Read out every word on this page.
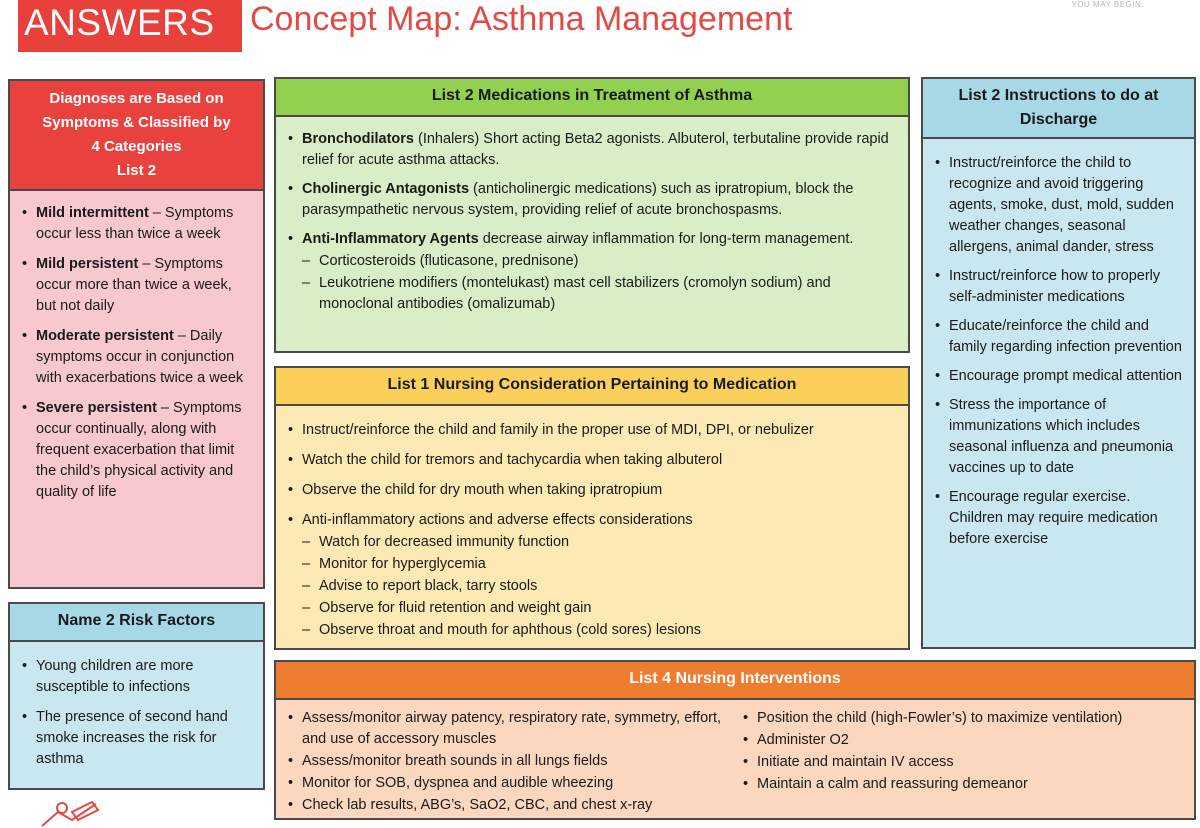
ANSWERS	Concept Map: Asthma Management	YOU MAY BEGIN.
Diagnoses are Based on
Symptoms & Classified by
4 Categories
List 2
• Mild intermittent – Symptoms occur less than twice a week
• Mild persistent – Symptoms occur more than twice a week, but not daily
• Moderate persistent – Daily symptoms occur in conjunction with exacerbations twice a week
• Severe persistent – Symptoms occur continually, along with frequent exacerbation that limit the child’s physical activity and quality of life
Name 2 Risk Factors
• Young children are more susceptible to infections
• The presence of second hand smoke increases the risk for asthma
List 2 Medications in Treatment of Asthma
• Bronchodilators (Inhalers) Short acting Beta2 agonists. Albuterol, terbutaline provide rapid relief for acute asthma attacks.
• Cholinergic Antagonists (anticholinergic medications) such as ipratropium, block the parasympathetic nervous system, providing relief of acute bronchospasms.
• Anti-Inflammatory Agents decrease airway inflammation for long-term management.
– Corticosteroids (fluticasone, prednisone)
– Leukotriene modifiers (montelukast) mast cell stabilizers (cromolyn sodium) and monoclonal antibodies (omalizumab)
List 1 Nursing Consideration Pertaining to Medication
• Instruct/reinforce the child and family in the proper use of MDI, DPI, or nebulizer
• Watch the child for tremors and tachycardia when taking albuterol
• Observe the child for dry mouth when taking ipratropium
• Anti-inflammatory actions and adverse effects considerations
– Watch for decreased immunity function
– Monitor for hyperglycemia
– Advise to report black, tarry stools
– Observe for fluid retention and weight gain
– Observe throat and mouth for aphthous (cold sores) lesions
List 2 Instructions to do at
Discharge
• Instruct/reinforce the child to recognize and avoid triggering agents, smoke, dust, mold, sudden weather changes, seasonal allergens, animal dander, stress
• Instruct/reinforce how to properly self-administer medications
• Educate/reinforce the child and family regarding infection prevention
• Encourage prompt medical attention
• Stress the importance of immunizations which includes seasonal influenza and pneumonia vaccines up to date
• Encourage regular exercise. Children may require medication before exercise
List 4 Nursing Interventions
• Assess/monitor airway patency, respiratory rate, symmetry, effort, and use of accessory muscles
• Assess/monitor breath sounds in all lungs fields
• Monitor for SOB, dyspnea and audible wheezing
• Check lab results, ABG’s, SaO2, CBC, and chest x-ray
• Position the child (high-Fowler’s) to maximize ventilation)
• Administer O2
• Initiate and maintain IV access
• Maintain a calm and reassuring demeanor
